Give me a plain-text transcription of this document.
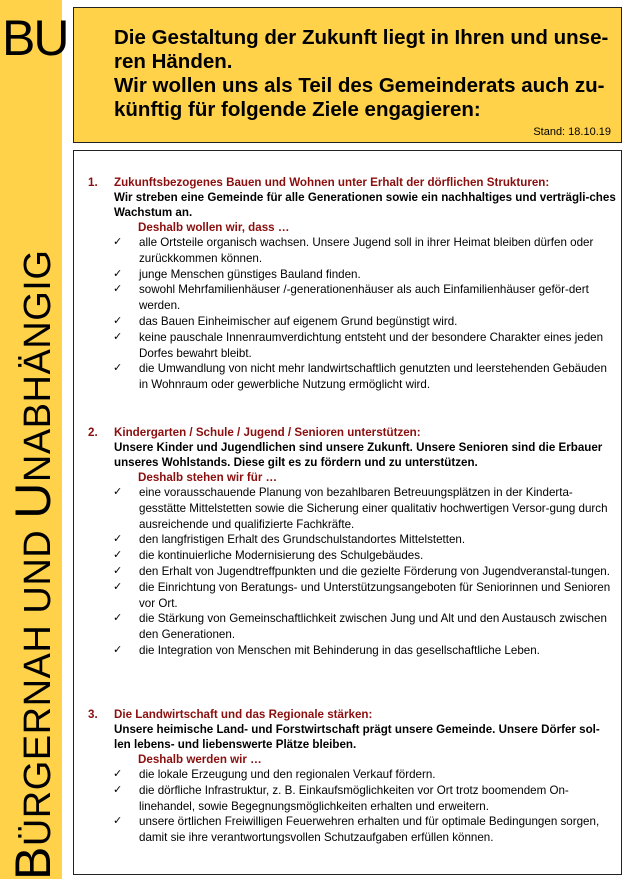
BU
BÜRGERNAH UND UNABHÄNGIG

Die Gestaltung der Zukunft liegt in Ihren und unse-
ren Händen.
Wir wollen uns als Teil des Gemeinderats auch zu-
künftig für folgende Ziele engagieren:

Stand: 18.10.19
1. Zukunftsbezogenes Bauen und Wohnen unter Erhalt der dörflichen Strukturen:
Wir streben eine Gemeinde für alle Generationen sowie ein nachhaltiges und verträgli-ches Wachstum an.
Deshalb wollen wir, dass …
✓ alle Ortsteile organisch wachsen. Unsere Jugend soll in ihrer Heimat bleiben dürfen oder zurückkommen können.
✓ junge Menschen günstiges Bauland finden.
✓ sowohl Mehrfamilienhäuser /-generationenhäuser als auch Einfamilienhäuser geför-dert werden.
✓ das Bauen Einheimischer auf eigenem Grund begünstigt wird.
✓ keine pauschale Innenraumverdichtung entsteht und der besondere Charakter eines jeden Dorfes bewahrt bleibt.
✓ die Umwandlung von nicht mehr landwirtschaftlich genutzten und leerstehenden Gebäuden in Wohnraum oder gewerbliche Nutzung ermöglicht wird.
2. Kindergarten / Schule / Jugend / Senioren unterstützen:
Unsere Kinder und Jugendlichen sind unsere Zukunft. Unsere Senioren sind die Erbauer unseres Wohlstands. Diese gilt es zu fördern und zu unterstützen.
Deshalb stehen wir für …
✓ eine vorausschauende Planung von bezahlbaren Betreuungsplätzen in der Kinderta-gesstätte Mittelstetten sowie die Sicherung einer qualitativ hochwertigen Versor-gung durch ausreichende und qualifizierte Fachkräfte.
✓ den langfristigen Erhalt des Grundschulstandortes Mittelstetten.
✓ die kontinuierliche Modernisierung des Schulgebäudes.
✓ den Erhalt von Jugendtreffpunkten und die gezielte Förderung von Jugendveranstal-tungen.
✓ die Einrichtung von Beratungs- und Unterstützungsangeboten für Seniorinnen und Senioren vor Ort.
✓ die Stärkung von Gemeinschaftlichkeit zwischen Jung und Alt und den Austausch zwischen den Generationen.
✓ die Integration von Menschen mit Behinderung in das gesellschaftliche Leben.
3. Die Landwirtschaft und das Regionale stärken:
Unsere heimische Land- und Forstwirtschaft prägt unsere Gemeinde. Unsere Dörfer sol-len lebens- und liebenswerte Plätze bleiben.
Deshalb werden wir …
✓ die lokale Erzeugung und den regionalen Verkauf fördern.
✓ die dörfliche Infrastruktur, z. B. Einkaufsmöglichkeiten vor Ort trotz boomendem On-linehandel, sowie Begegnungsmöglichkeiten erhalten und erweitern.
✓ unsere örtlichen Freiwilligen Feuerwehren erhalten und für optimale Bedingungen sorgen, damit sie ihre verantwortungsvollen Schutzaufgaben erfüllen können.
